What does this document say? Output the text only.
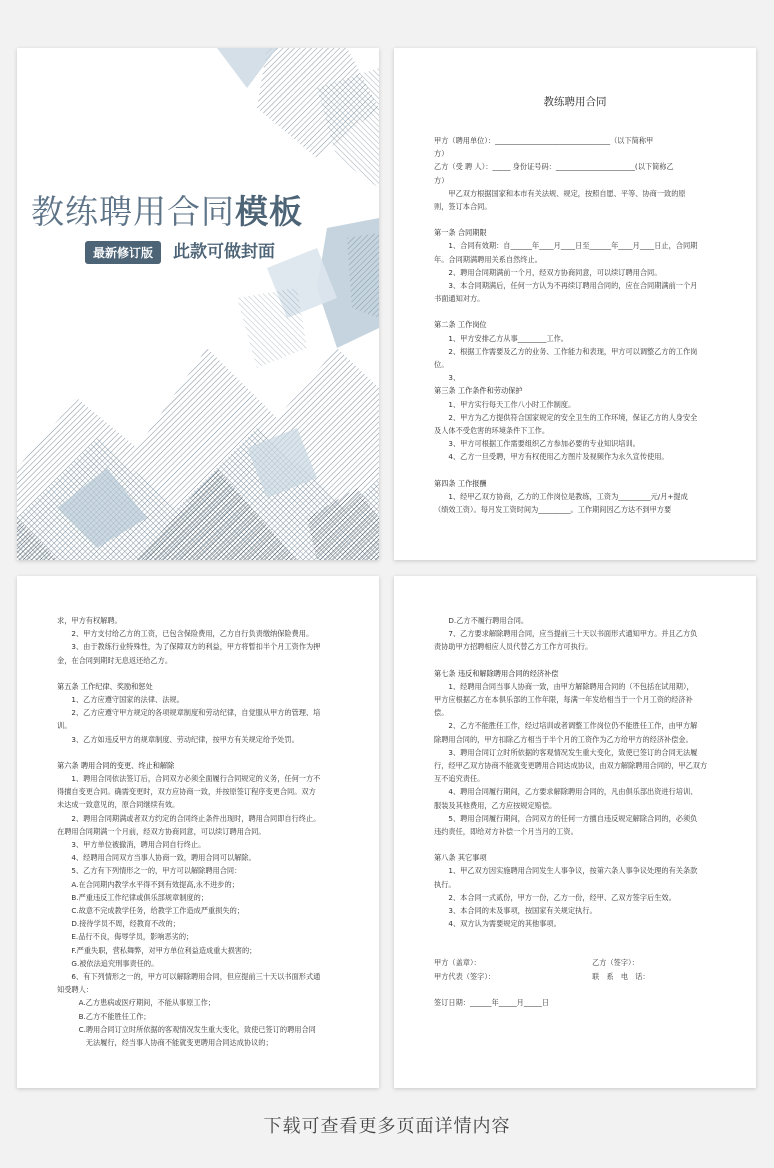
教练聘用合同模板
最新修订版	此款可做封面
教练聘用合同
甲方（聘用单位）：________________________________（以下简称甲
方）
乙方（受 聘 人）：_____ 身份证号码：______________________(以下简称乙
方）
　　甲乙双方根据国家和本市有关法规、规定，按照自愿、平等、协商一致的原
则，签订本合同。
第一条 合同期限
　　1、合同有效期：自______年____月____日至______年____月____日止，合同期
年。合同期满聘用关系自然终止。
　　2、聘用合同期满前一个月，经双方协商同意，可以续订聘用合同。
　　3、本合同期满后，任何一方认为不再续订聘用合同的，应在合同期满前一个月
书面通知对方。
第二条 工作岗位
　　1、甲方安排乙方从事________工作。
　　2、根据工作需要及乙方的业务、工作能力和表现，甲方可以调整乙方的工作岗
位。
　　3、
第三条 工作条件和劳动保护
　　1、甲方实行每天工作八小时工作制度。
　　2、甲方为乙方提供符合国家规定的安全卫生的工作环境，保证乙方的人身安全
及人体不受危害的环境条件下工作。
　　3、甲方可根据工作需要组织乙方参加必要的专业知识培训。
　　4、乙方一旦受聘，甲方有权使用乙方图片及视频作为永久宣传使用。
第四条 工作报酬
　　1、经甲乙双方协商，乙方的工作岗位是教练，工资为_________元/月+提成
（绩效工资）。每月发工资时间为_________。工作期间因乙方达不到甲方要
求，甲方有权解聘。
　　2、甲方支付给乙方的工资，已包含保险费用，乙方自行负责缴纳保险费用。
　　3、由于教练行业特殊性，为了保障双方的利益，甲方将暂扣半个月工资作为押
金，在合同到期时无息返还给乙方。
第五条 工作纪律、奖励和惩处
　　1、乙方应遵守国家的法律、法规。
　　2、乙方应遵守甲方规定的各项规章制度和劳动纪律，自觉服从甲方的管理、培
训。
　　3、乙方如违反甲方的规章制度、劳动纪律，按甲方有关规定给予处罚。
第六条 聘用合同的变更、终止和解除
　　1、聘用合同依法签订后，合同双方必须全面履行合同规定的义务，任何一方不
得擅自变更合同。确需变更时，双方应协商一致，并按原签订程序变更合同。双方
未达成一致意见的，原合同继续有效。
　　2、聘用合同期满或者双方约定的合同终止条件出现时，聘用合同即自行终止。
在聘用合同期满一个月前，经双方协商同意，可以续订聘用合同。
　　3、甲方单位被撤消，聘用合同自行终止。
　　4、经聘用合同双方当事人协商一致，聘用合同可以解除。
　　5、乙方有下列情形之一的，甲方可以解除聘用合同：
　　A.在合同期内教学水平得不到有效提高,永不进步的；
　　B.严重违反工作纪律或俱乐部规章制度的；
　　C.故意不完成教学任务，给教学工作造成严重损失的；
　　D.接待学员不周，经教育不改的；
　　E.品行不良，侮辱学员，影响恶劣的；
　　F.严重失职，营私舞弊，对甲方单位利益造成重大损害的；
　　G.被依法追究刑事责任的。
　　6、有下列情形之一的，甲方可以解除聘用合同，但应提前三十天以书面形式通
知受聘人：
　　　A.乙方患病或医疗期间，不能从事原工作；
　　　B.乙方不能胜任工作；
　　　C.聘用合同订立时所依据的客观情况发生重大变化，致使已签订的聘用合同
　　　　无法履行，经当事人协商不能就变更聘用合同达成协议的；
　　D.乙方不履行聘用合同。
　　7、乙方要求解除聘用合同，应当提前三十天以书面形式通知甲方。并且乙方负
责协助甲方招聘相应人员代替乙方工作方可执行。
第七条 违反和解除聘用合同的经济补偿
　　1、经聘用合同当事人协商一致，由甲方解除聘用合同的（不包括在试用期），
甲方应根据乙方在本俱乐部的工作年限，每满一年发给相当于一个月工资的经济补
偿。
　　2、乙方不能胜任工作，经过培训或者调整工作岗位仍不能胜任工作，由甲方解
除聘用合同的，甲方扣除乙方相当于半个月的工资作为乙方给甲方的经济补偿金。
　　3、聘用合同订立时所依据的客观情况发生重大变化，致使已签订的合同无法履
行，经甲乙双方协商不能就变更聘用合同达成协议，由双方解除聘用合同的，甲乙双方
互不追究责任。
　　4、聘用合同履行期间，乙方要求解除聘用合同的，凡由俱乐部出资进行培训、
服装及其他费用，乙方应按规定赔偿。
　　5、聘用合同履行期间，合同双方的任何一方擅自违反规定解除合同的，必须负
违约责任，即给对方补偿一个月当月的工资。
第八条 其它事项
　　1、甲乙双方因实施聘用合同发生人事争议，按第六条人事争议处理的有关条款
执行。
　　2、本合同一式贰份，甲方一份，乙方一份，经甲、乙双方签字后生效。
　　3、本合同的未及事项，按国家有关规定执行。
　　4、双方认为需要规定的其他事项。
甲方（盖章）：　　　　　　　　　　　　　　　　乙方（签字）：
甲方代表（签字）：　　　　　　　　　　　　　　联　系　电　话：
签订日期：______年_____月_____日
下载可查看更多页面详情内容
